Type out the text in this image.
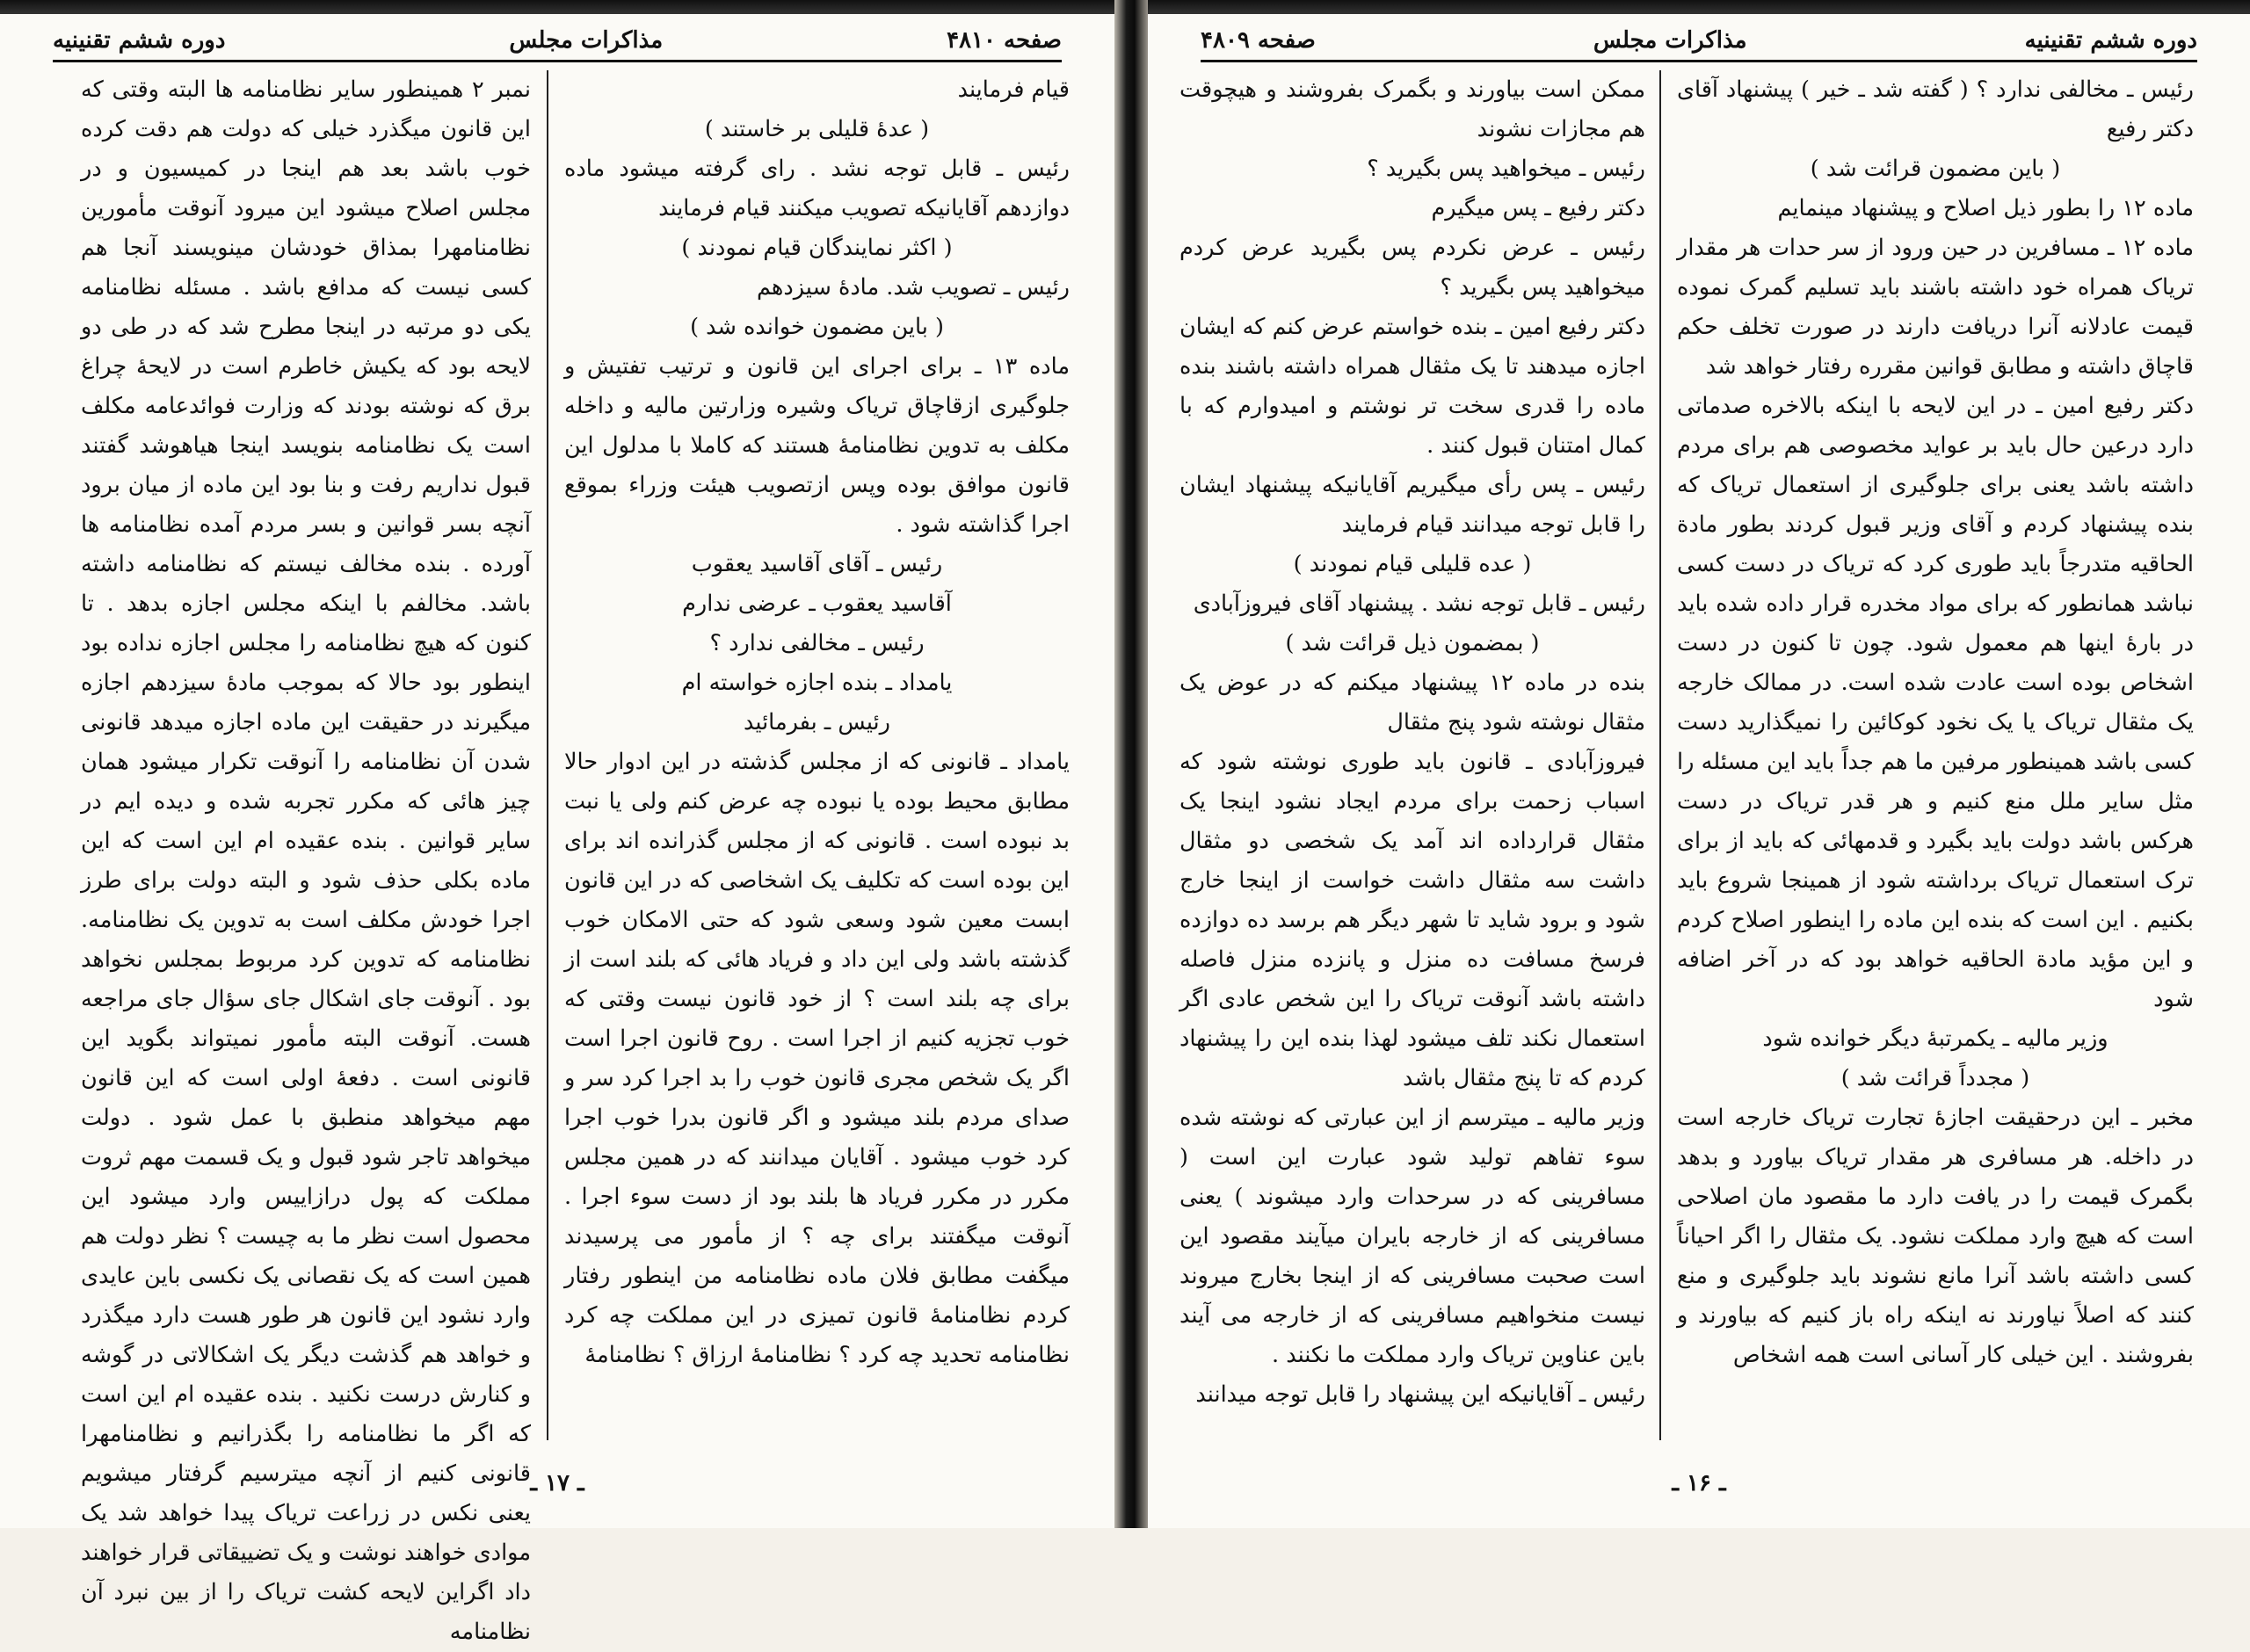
صفحه ۴۸۱۰
مذاکرات مجلس
دوره ششم تقنینیه

قیام فرمایند

( عدهٔ قلیلی بر خاستند )

رئیس ـ قابل توجه نشد . رای گرفته میشود ماده دوازدهم آقایانیکه تصویب میکنند قیام فرمایند

( اکثر نمایندگان قیام نمودند )

رئیس ـ تصویب شد. مادهٔ سیزدهم

( باین مضمون خوانده شد )

ماده ۱۳ ـ برای اجرای این قانون و ترتیب تفتیش و جلوگیری ازقاچاق تریاک وشیره وزارتین مالیه و داخله مکلف به تدوین نظامنامهٔ هستند که کاملا با مدلول این قانون موافق بوده وپس ازتصویب هیئت وزراء بموقع اجرا گذاشته شود .

رئیس ـ آقای آقاسید یعقوب

آقاسید یعقوب ـ عرضی ندارم

رئیس ـ مخالفی ندارد ؟

یامداد ـ بنده اجازه خواسته ام

رئیس ـ بفرمائید

یامداد ـ قانونی که از مجلس گذشته در این ادوار حالا مطابق محیط بوده یا نبوده چه عرض کنم ولی یا نبت بد نبوده است . قانونی که از مجلس گذرانده اند برای این بوده است که تکلیف یک اشخاصی که در این قانون ابست معین شود وسعی شود که حتی الامکان خوب گذشته باشد ولی این داد و فریاد هائی که بلند است از برای چه بلند است ؟ از خود قانون نیست وقتی که خوب تجزیه کنیم از اجرا است . روح قانون اجرا است اگر یک شخص مجری قانون خوب را بد اجرا کرد سر و صدای مردم بلند میشود و اگر قانون بدرا خوب اجرا کرد خوب میشود . آقایان میدانند که در همین مجلس مکرر در مکرر فریاد ها بلند بود از دست سوء اجرا . آنوقت میگفتند برای چه ؟ از مأمور می پرسیدند میگفت مطابق فلان ماده نظامنامه من اینطور رفتار کردم نظامنامهٔ قانون تمیزی در این مملکت چه کرد نظامنامه تحدید چه کرد ؟ نظامنامهٔ ارزاق ؟ نظامنامهٔ

نمبر ۲ همینطور سایر نظامنامه ها البته وقتی که این قانون میگذرد خیلی که دولت هم دقت کرده خوب باشد بعد هم اینجا در کمیسیون و در مجلس اصلاح میشود این میرود آنوقت مأمورین نظامنامهرا بمذاق خودشان مینویسند آنجا هم کسی نیست که مدافع باشد . مسئله نظامنامه یکی دو مرتبه در اینجا مطرح شد که در طی دو لایحه بود که یکیش خاطرم است در لایحهٔ چراغ برق که نوشته بودند که وزارت فوائدعامه مکلف است یک نظامنامه بنویسد اینجا هیاهوشد گفتند قبول نداریم رفت و بنا بود این ماده از میان برود آنچه بسر قوانین و بسر مردم آمده نظامنامه ها آورده . بنده مخالف نیستم که نظامنامه داشته باشد. مخالفم با اینکه مجلس اجازه بدهد . تا کنون که هیچ نظامنامه را مجلس اجازه نداده بود اینطور بود حالا که بموجب مادهٔ سیزدهم اجازه میگیرند در حقیقت این ماده اجازه میدهد قانونی شدن آن نظامنامه را آنوقت تکرار میشود همان چیز هائی که مکرر تجربه شده و دیده ایم در سایر قوانین . بنده عقیده ام این است که این ماده بکلی حذف شود و البته دولت برای طرز اجرا خودش مکلف است به تدوین یک نظامنامه. نظامنامه که تدوین کرد مربوط بمجلس نخواهد بود . آنوقت جای اشکال جای سؤال جای مراجعه هست. آنوقت البته مأمور نمیتواند بگوید این قانونی است . دفعهٔ اولی است که این قانون مهم میخواهد منطبق با عمل شود . دولت میخواهد تاجر شود قبول و یک قسمت مهم ثروت مملکت که پول درازاییس وارد میشود این محصول است نظر ما به چیست ؟ نظر دولت هم همین است که یک نقصانی یک نکسی باین عایدی وارد نشود این قانون هر طور هست دارد میگذرد و خواهد هم گذشت دیگر یک اشکالاتی در گوشه و کنارش درست نکنید . بنده عقیده ام این است که اگر ما نظامنامه را بگذرانیم و نظامنامهرا قانونی کنیم از آنچه میترسیم گرفتار میشویم یعنی نکس در زراعت تریاک پیدا خواهد شد یک موادی خواهند نوشت و یک تضییقاتی قرار خواهند داد اگراین لایحه کشت تریاک را از بین نبرد آن نظامنامه

ـ ۱۷ ـ
دوره ششم تقنینیه
مذاکرات مجلس
صفحه ۴۸۰۹

رئیس ـ مخالفی ندارد ؟ ( گفته شد ـ خیر ) پیشنهاد آقای دکتر رفیع

( باین مضمون قرائت شد )

ماده ۱۲ را بطور ذیل اصلاح و پیشنهاد مینمایم

ماده ۱۲ ـ مسافرین در حین ورود از سر حدات هر مقدار تریاک همراه خود داشته باشند باید تسلیم گمرک نموده قیمت عادلانه آنرا دریافت دارند در صورت تخلف حکم قاچاق داشته و مطابق قوانین مقرره رفتار خواهد شد

دکتر رفیع امین ـ در این لایحه با اینکه بالاخره صدماتی دارد درعین حال باید بر عواید مخصوصی هم برای مردم داشته باشد یعنی برای جلوگیری از استعمال تریاک که بنده پیشنهاد کردم و آقای وزیر قبول کردند بطور مادة الحاقیه متدرجاً باید طوری کرد که تریاک در دست کسی نباشد همانطور که برای مواد مخدره قرار داده شده باید در بارهٔ اینها هم معمول شود. چون تا کنون در دست اشخاص بوده است عادت شده است. در ممالک خارجه یک مثقال تریاک یا یک نخود کوکائین را نمیگذارید دست کسی باشد همینطور مرفین ما هم جداً باید این مسئله را مثل سایر ملل منع کنیم و هر قدر تریاک در دست هرکس باشد دولت باید بگیرد و قدمهائی که باید از برای ترک استعمال تریاک برداشته شود از همینجا شروع باید بکنیم . این است که بنده این ماده را اینطور اصلاح کردم و این مؤید مادة الحاقیه خواهد بود که در آخر اضافه شود

وزیر مالیه ـ یکمرتبهٔ دیگر خوانده شود

( مجدداً قرائت شد )

مخبر ـ این درحقیقت اجازهٔ تجارت تریاک خارجه است در داخله. هر مسافری هر مقدار تریاک بیاورد و بدهد بگمرک قیمت را در یافت دارد ما مقصود مان اصلاحی است که هیچ وارد مملکت نشود. یک مثقال را اگر احیاناً کسی داشته باشد آنرا مانع نشوند باید جلوگیری و منع کنند که اصلاً نیاورند نه اینکه راه باز کنیم که بیاورند و بفروشند . این خیلی کار آسانی است همه اشخاص

ممکن است بیاورند و بگمرک بفروشند و هیچوقت هم مجازات نشوند

رئیس ـ میخواهید پس بگیرید ؟

دکتر رفیع ـ پس میگیرم

رئیس ـ عرض نکردم پس بگیرید عرض کردم میخواهید پس بگیرید ؟

دکتر رفیع امین ـ بنده خواستم عرض کنم که ایشان اجازه میدهند تا یک مثقال همراه داشته باشند بنده ماده را قدری سخت تر نوشتم و امیدوارم که با کمال امتنان قبول کنند .

رئیس ـ پس رأی میگیریم آقایانیکه پیشنهاد ایشان را قابل توجه میدانند قیام فرمایند

( عده قلیلی قیام نمودند )

رئیس ـ قابل توجه نشد . پیشنهاد آقای فیروزآبادی

( بمضمون ذیل قرائت شد )

بنده در ماده ۱۲ پیشنهاد میکنم که در عوض یک مثقال نوشته شود پنج مثقال

فیروزآبادی ـ قانون باید طوری نوشته شود که اسباب زحمت برای مردم ایجاد نشود اینجا یک مثقال قرارداده اند آمد یک شخصی دو مثقال داشت سه مثقال داشت خواست از اینجا خارج شود و برود شاید تا شهر دیگر هم برسد ده دوازده فرسخ مسافت ده منزل و پانزده منزل فاصله داشته باشد آنوقت تریاک را این شخص عادی اگر استعمال نکند تلف میشود لهذا بنده این را پیشنهاد کردم که تا پنج مثقال باشد

وزیر مالیه ـ میترسم از این عبارتی که نوشته شده سوء تفاهم تولید شود عبارت این است ( مسافرینی که در سرحدات وارد میشوند ) یعنی مسافرینی که از خارجه بایران میآیند مقصود این است صحبت مسافرینی که از اینجا بخارج میروند نیست منخواهیم مسافرینی که از خارجه می آیند باین عناوین تریاک وارد مملکت ما نکنند .

رئیس ـ آقایانیکه این پیشنهاد را قابل توجه میدانند

ـ ۱۶ ـ
